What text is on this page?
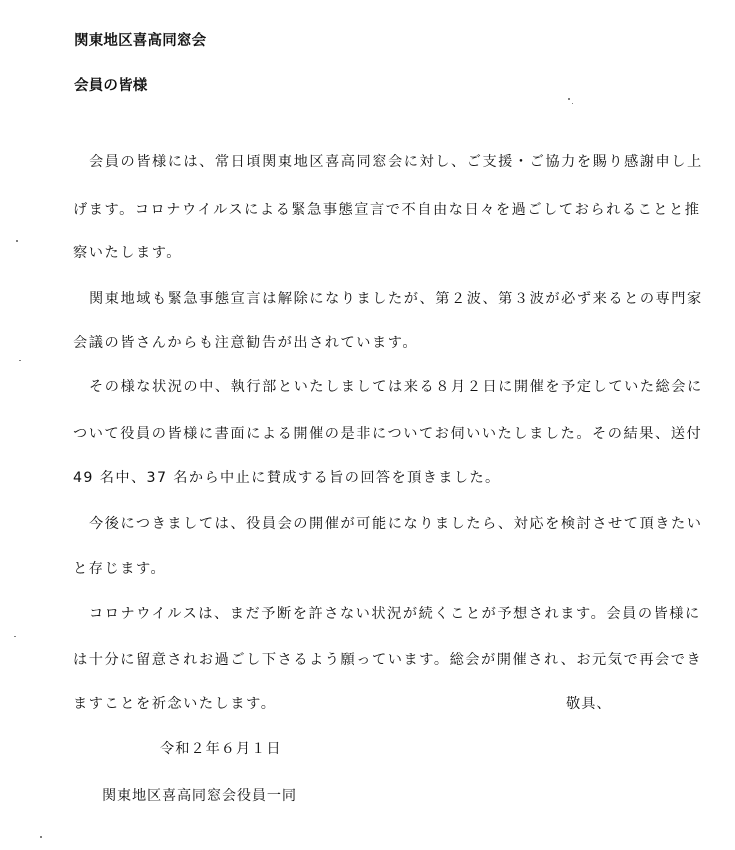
関東地区喜高同窓会
会員の皆様
会員の皆様には、常日頃関東地区喜高同窓会に対し、ご支援・ご協力を賜り感謝申し上
げます。コロナウイルスによる緊急事態宣言で不自由な日々を過ごしておられることと推
察いたします。
関東地域も緊急事態宣言は解除になりましたが、第２波、第３波が必ず来るとの専門家
会議の皆さんからも注意勧告が出されています。
その様な状況の中、執行部といたしましては来る８月２日に開催を予定していた総会に
ついて役員の皆様に書面による開催の是非についてお伺いいたしました。その結果、送付
49 名中、37 名から中止に賛成する旨の回答を頂きました。
今後につきましては、役員会の開催が可能になりましたら、対応を検討させて頂きたい
と存じます。
コロナウイルスは、まだ予断を許さない状況が続くことが予想されます。会員の皆様に
は十分に留意されお過ごし下さるよう願っています。総会が開催され、お元気で再会でき
ますことを祈念いたします。	敬具、
令和２年６月１日
関東地区喜高同窓会役員一同
